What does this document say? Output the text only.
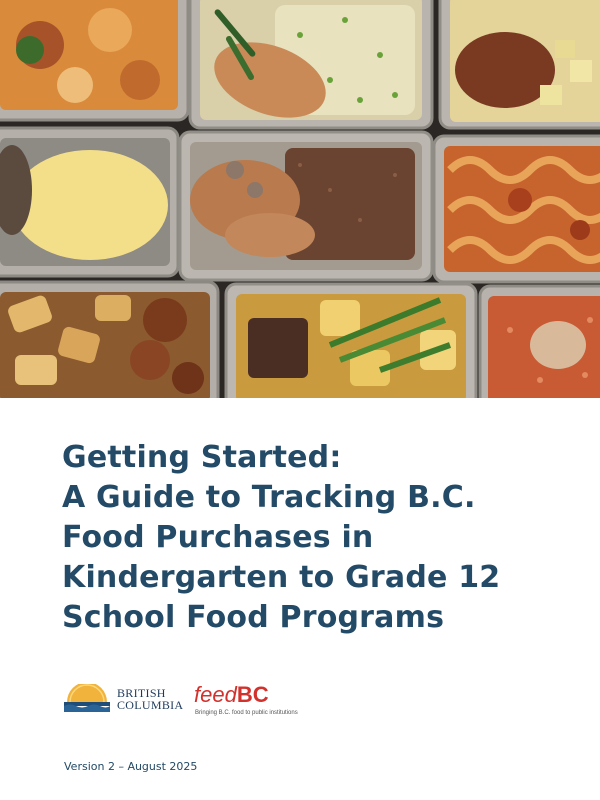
Getting Started:
A Guide to Tracking B.C.
Food Purchases in
Kindergarten to Grade 12
School Food Programs
BRITISH
COLUMBIA feedBC
Bringing B.C. food to public institutions
Version 2 – August 2025
